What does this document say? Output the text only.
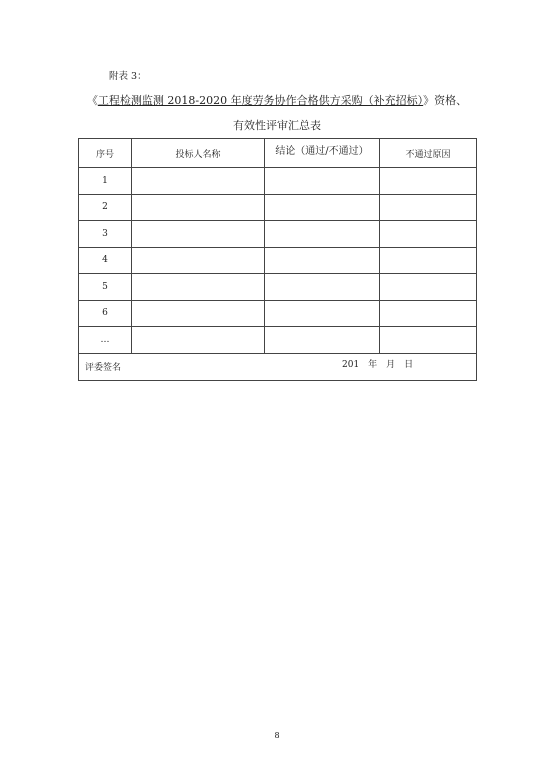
附表 3：
《工程检测监测 2018-2020 年度劳务协作合格供方采购（补充招标）》资格、
有效性评审汇总表
序号	投标人名称	结论（通过/不通过）	不通过原因
1			
2			
3			
4			
5			
6			
…			
评委签名				201　年　月　日
8
